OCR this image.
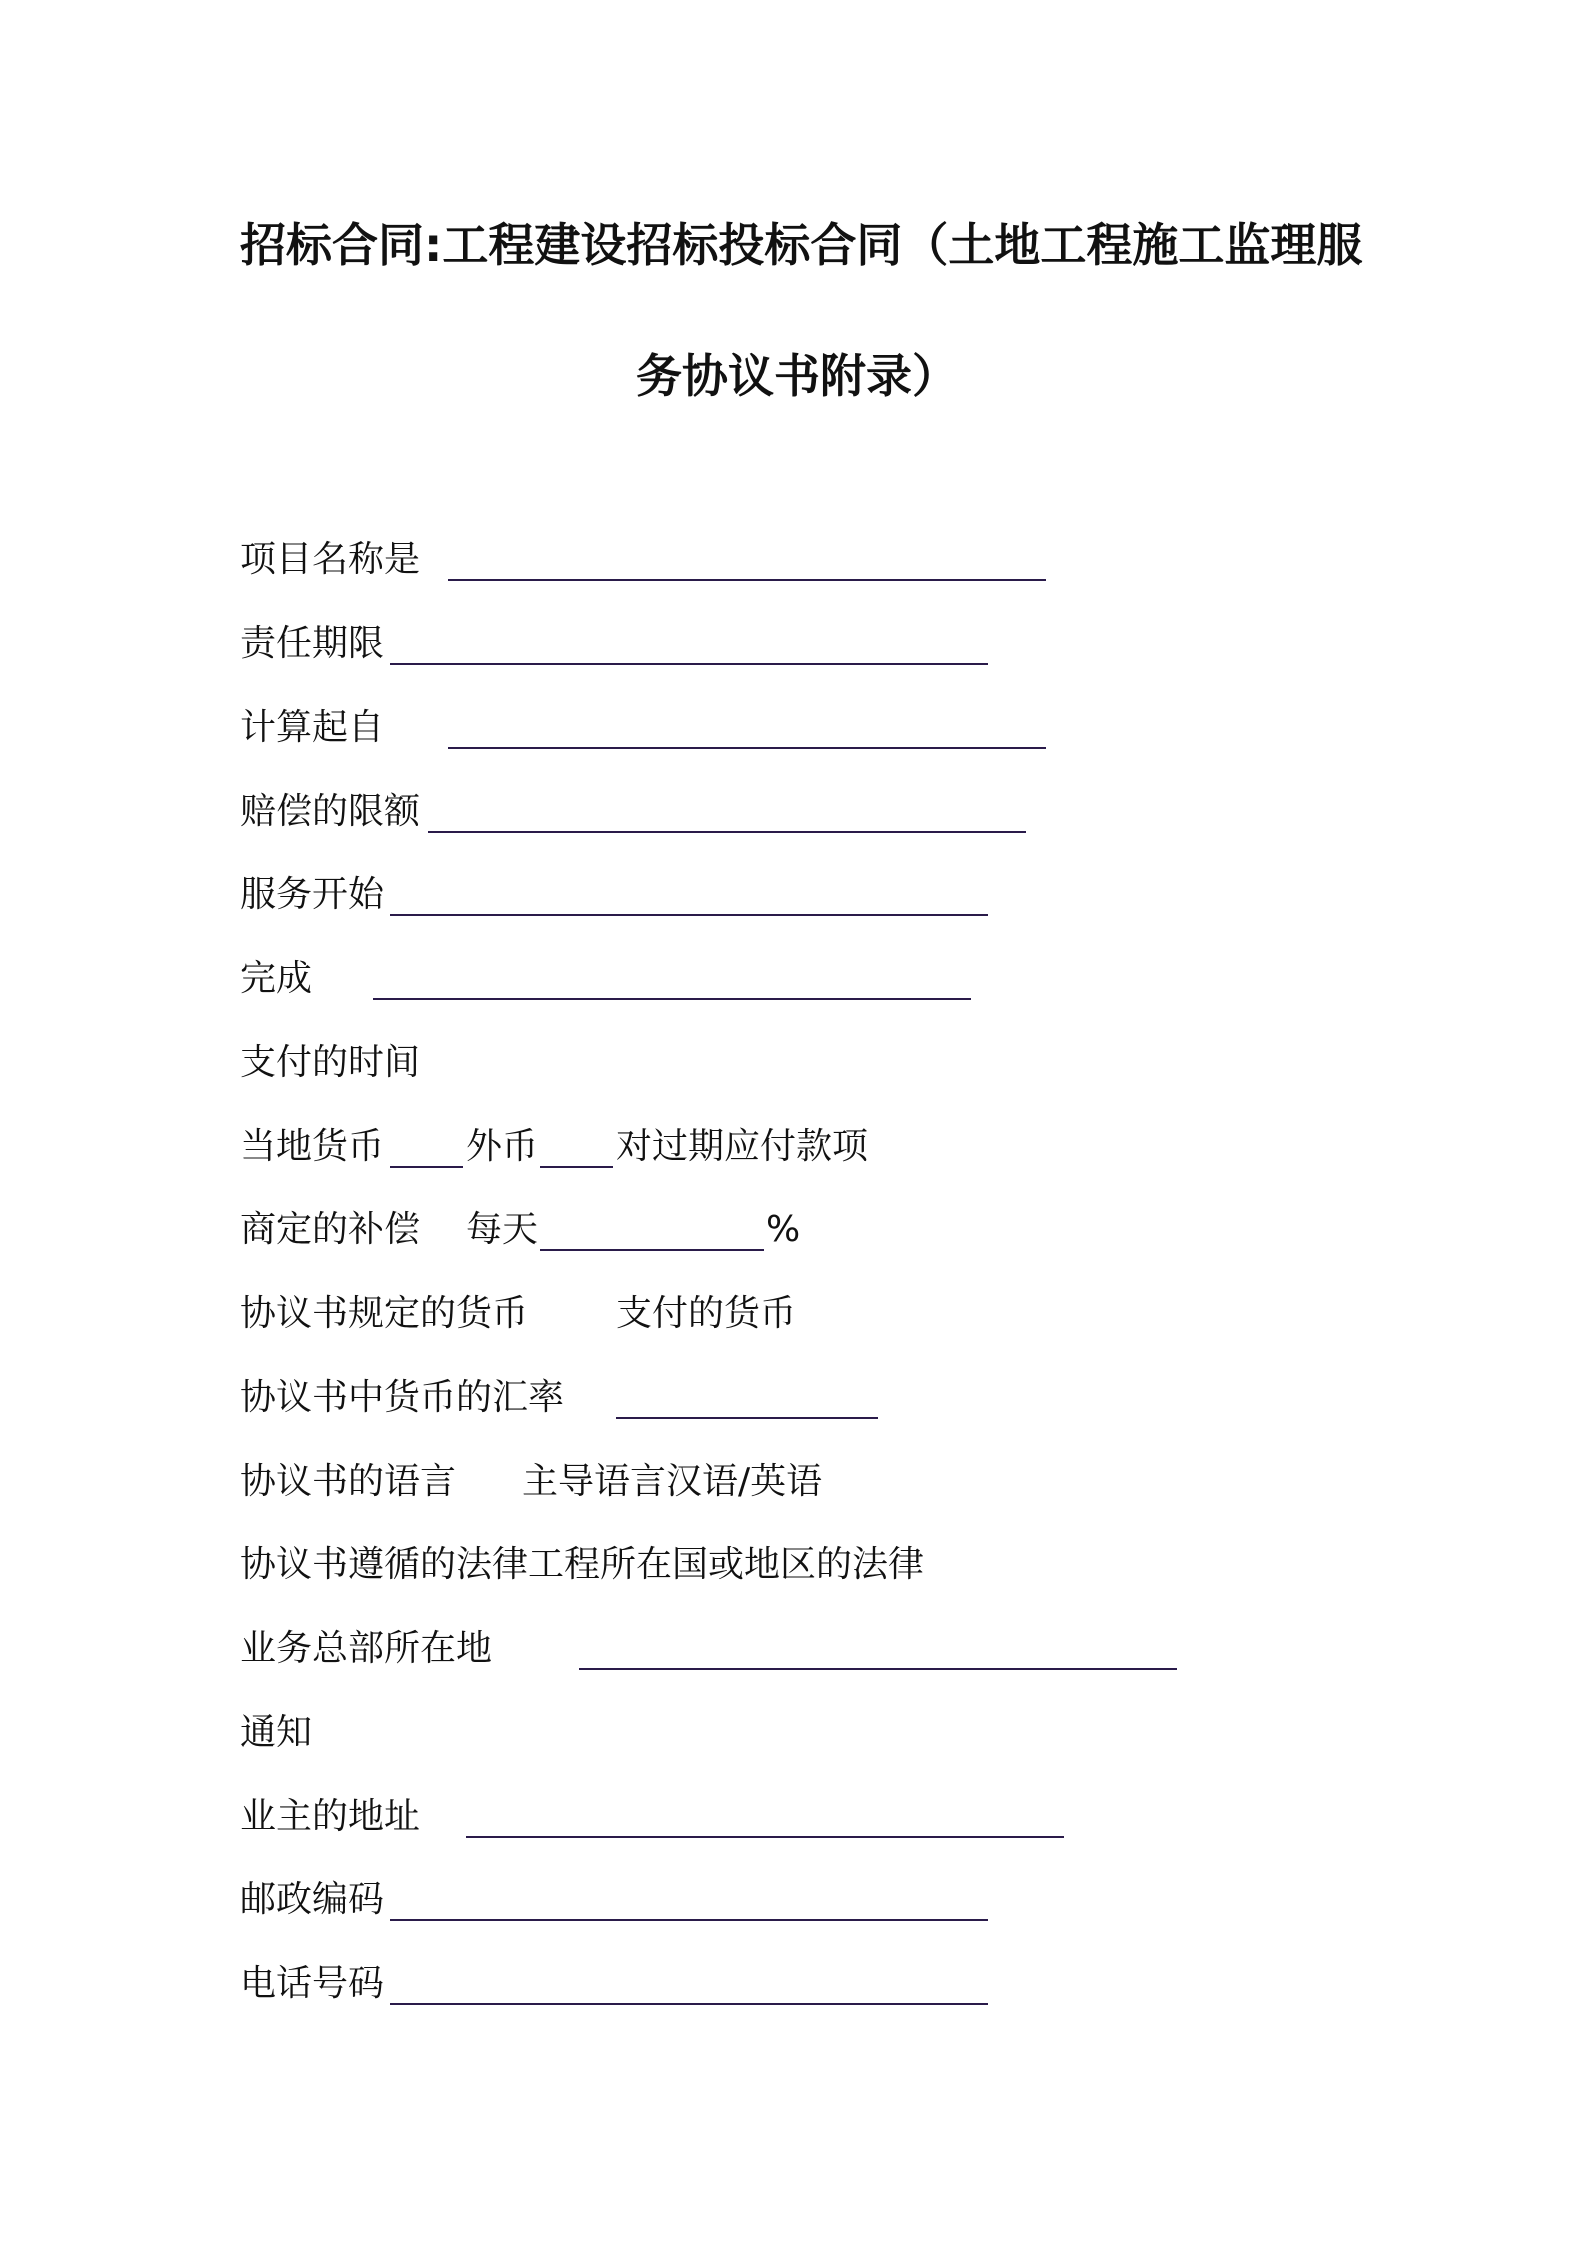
招标合同:工程建设招标投标合同（土地工程施工监理服
务协议书附录）
项目名称是
责任期限
计算起自
赔偿的限额
服务开始
完成
支付的时间
当地货币 外币 对过期应付款项
商定的补偿 每天	%
协议书规定的货币 支付的货币
协议书中货币的汇率
协议书的语言 主导语言汉语/英语
协议书遵循的法律工程所在国或地区的法律
业务总部所在地
通知
业主的地址
邮政编码
电话号码
